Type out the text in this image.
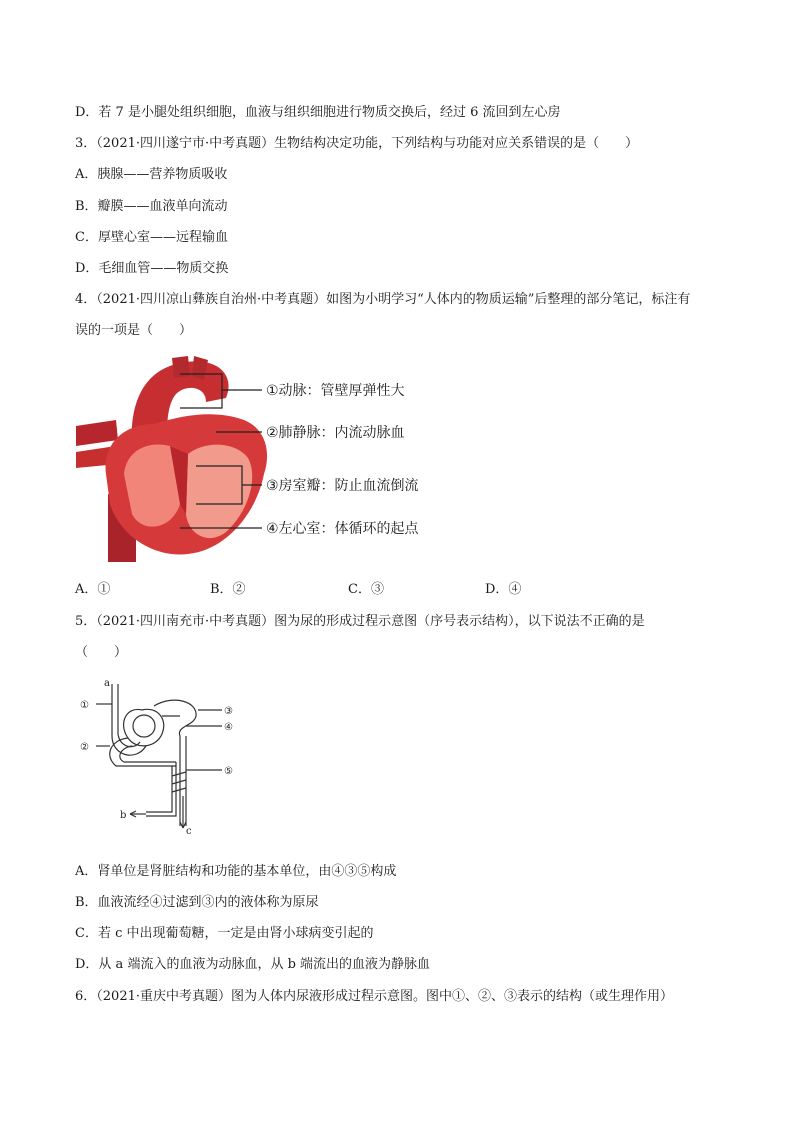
D．若 7 是小腿处组织细胞，血液与组织细胞进行物质交换后，经过 6 流回到左心房
3．（2021·四川遂宁市·中考真题）生物结构决定功能，下列结构与功能对应关系错误的是（　　）
A．胰腺——营养物质吸收
B．瓣膜——血液单向流动
C．厚壁心室——远程输血
D．毛细血管——物质交换
4．（2021·四川凉山彝族自治州·中考真题）如图为小明学习“人体内的物质运输”后整理的部分笔记，标注有
误的一项是（　　）
①动脉：管壁厚弹性大
②肺静脉：内流动脉血
③房室瓣：防止血流倒流
④左心室：体循环的起点
A．①	B．②	C．③	D．④
5．（2021·四川南充市·中考真题）图为尿的形成过程示意图（序号表示结构），以下说法不正确的是
（　　）
a
①
②
③
④
⑤
b
c
A．肾单位是肾脏结构和功能的基本单位，由④③⑤构成
B．血液流经④过滤到③内的液体称为原尿
C．若 c 中出现葡萄糖，一定是由肾小球病变引起的
D．从 a 端流入的血液为动脉血，从 b 端流出的血液为静脉血
6．（2021·重庆中考真题）图为人体内尿液形成过程示意图。图中①、②、③表示的结构（或生理作用）
